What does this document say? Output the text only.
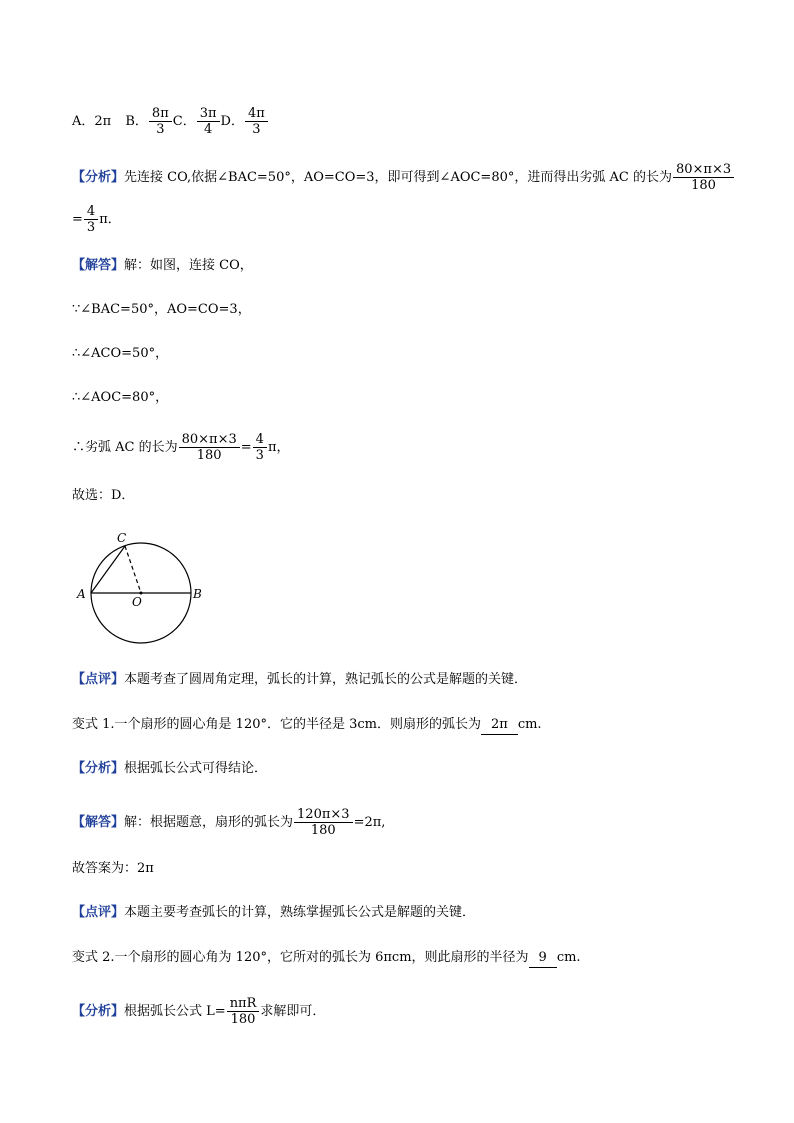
A．2π B． $\frac{8\pi}{3}$ C． $\frac{3\pi}{4}$ D． $\frac{4\pi}{3}$
【分析】先连接 CO,依据∠BAC=50°，AO=CO=3，即可得到∠AOC=80°，进而得出劣弧 AC 的长为 $\frac{80\times\pi\times 3}{180}$
= $\frac{4}{3}$ π．
【解答】解：如图，连接 CO，
∵∠BAC=50°，AO=CO=3，
∴∠ACO=50°，
∴∠AOC=80°，
∴劣弧 AC 的长为 $\frac{80\times\pi\times 3}{180} = \frac{4}{3}$ π，
故选：D．
C
A
O
B
【点评】本题考查了圆周角定理，弧长的计算，熟记弧长的公式是解题的关键．
变式 1.一个扇形的圆心角是 120°．它的半径是 3cm．则扇形的弧长为 2π cm.
【分析】根据弧长公式可得结论．
【解答】解：根据题意，扇形的弧长为 $\frac{120\pi\times 3}{180} =2\pi$,
故答案为：2π
【点评】本题主要考查弧长的计算，熟练掌握弧长公式是解题的关键．
变式 2.一个扇形的圆心角为 120°，它所对的弧长为 6πcm，则此扇形的半径为 9 cm.
【分析】根据弧长公式 $L= \frac{\text{nπR}}{180}$ 求解即可．
